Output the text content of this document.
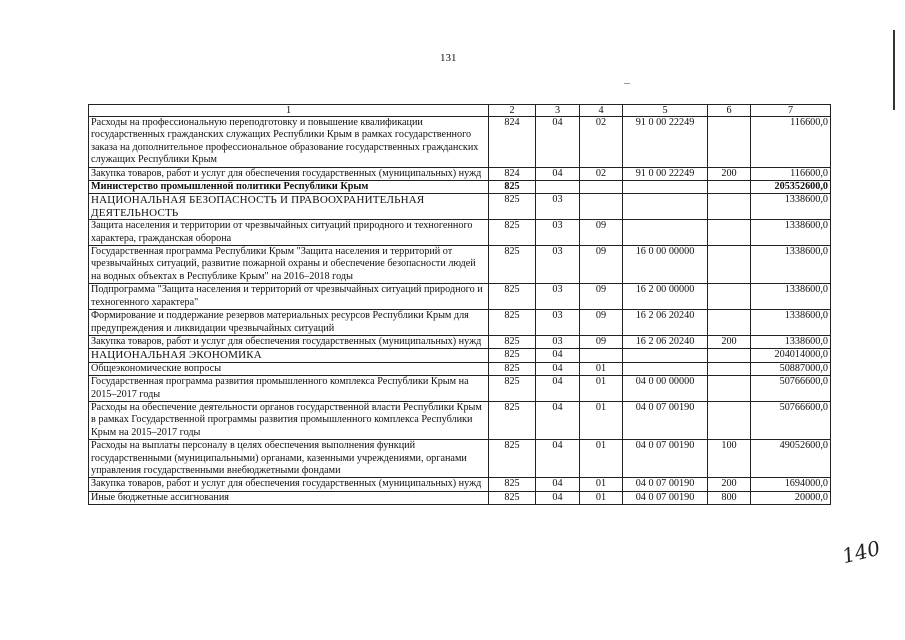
131
1	2	3	4	5	6	7
Расходы на профессиональную переподготовку и повышение квалификации государственных гражданских служащих Республики Крым в рамках государственного заказа на дополнительное профессиональное образование государственных гражданских служащих Республики Крым	824	04	02	91 0 00 22249		116600,0
Закупка товаров, работ и услуг для обеспечения государственных (муниципальных) нужд	824	04	02	91 0 00 22249	200	116600,0
Министерство промышленной политики Республики Крым	825					205352600,0
НАЦИОНАЛЬНАЯ БЕЗОПАСНОСТЬ И ПРАВООХРАНИТЕЛЬНАЯ ДЕЯТЕЛЬНОСТЬ	825	03				1338600,0
Защита населения и территории от чрезвычайных ситуаций природного и техногенного характера, гражданская оборона	825	03	09			1338600,0
Государственная программа Республики Крым "Защита населения и территорий от чрезвычайных ситуаций, развитие пожарной охраны и обеспечение безопасности людей на водных объектах в Республике Крым" на 2016–2018 годы	825	03	09	16 0 00 00000		1338600,0
Подпрограмма "Защита населения и территорий от чрезвычайных ситуаций природного и техногенного характера"	825	03	09	16 2 00 00000		1338600,0
Формирование и поддержание резервов материальных ресурсов Республики Крым для предупреждения и ликвидации чрезвычайных ситуаций	825	03	09	16 2 06 20240		1338600,0
Закупка товаров, работ и услуг для обеспечения государственных (муниципальных) нужд	825	03	09	16 2 06 20240	200	1338600,0
НАЦИОНАЛЬНАЯ ЭКОНОМИКА	825	04				204014000,0
Общеэкономические вопросы	825	04	01			50887000,0
Государственная программа развития промышленного комплекса Республики Крым на 2015–2017 годы	825	04	01	04 0 00 00000		50766600,0
Расходы на обеспечение деятельности органов государственной власти Республики Крым в рамках Государственной программы развития промышленного комплекса Республики Крым на 2015–2017 годы	825	04	01	04 0 07 00190		50766600,0
Расходы на выплаты персоналу в целях обеспечения выполнения функций государственными (муниципальными) органами, казенными учреждениями, органами управления государственными внебюджетными фондами	825	04	01	04 0 07 00190	100	49052600,0
Закупка товаров, работ и услуг для обеспечения государственных (муниципальных) нужд	825	04	01	04 0 07 00190	200	1694000,0
Иные бюджетные ассигнования	825	04	01	04 0 07 00190	800	20000,0
140
